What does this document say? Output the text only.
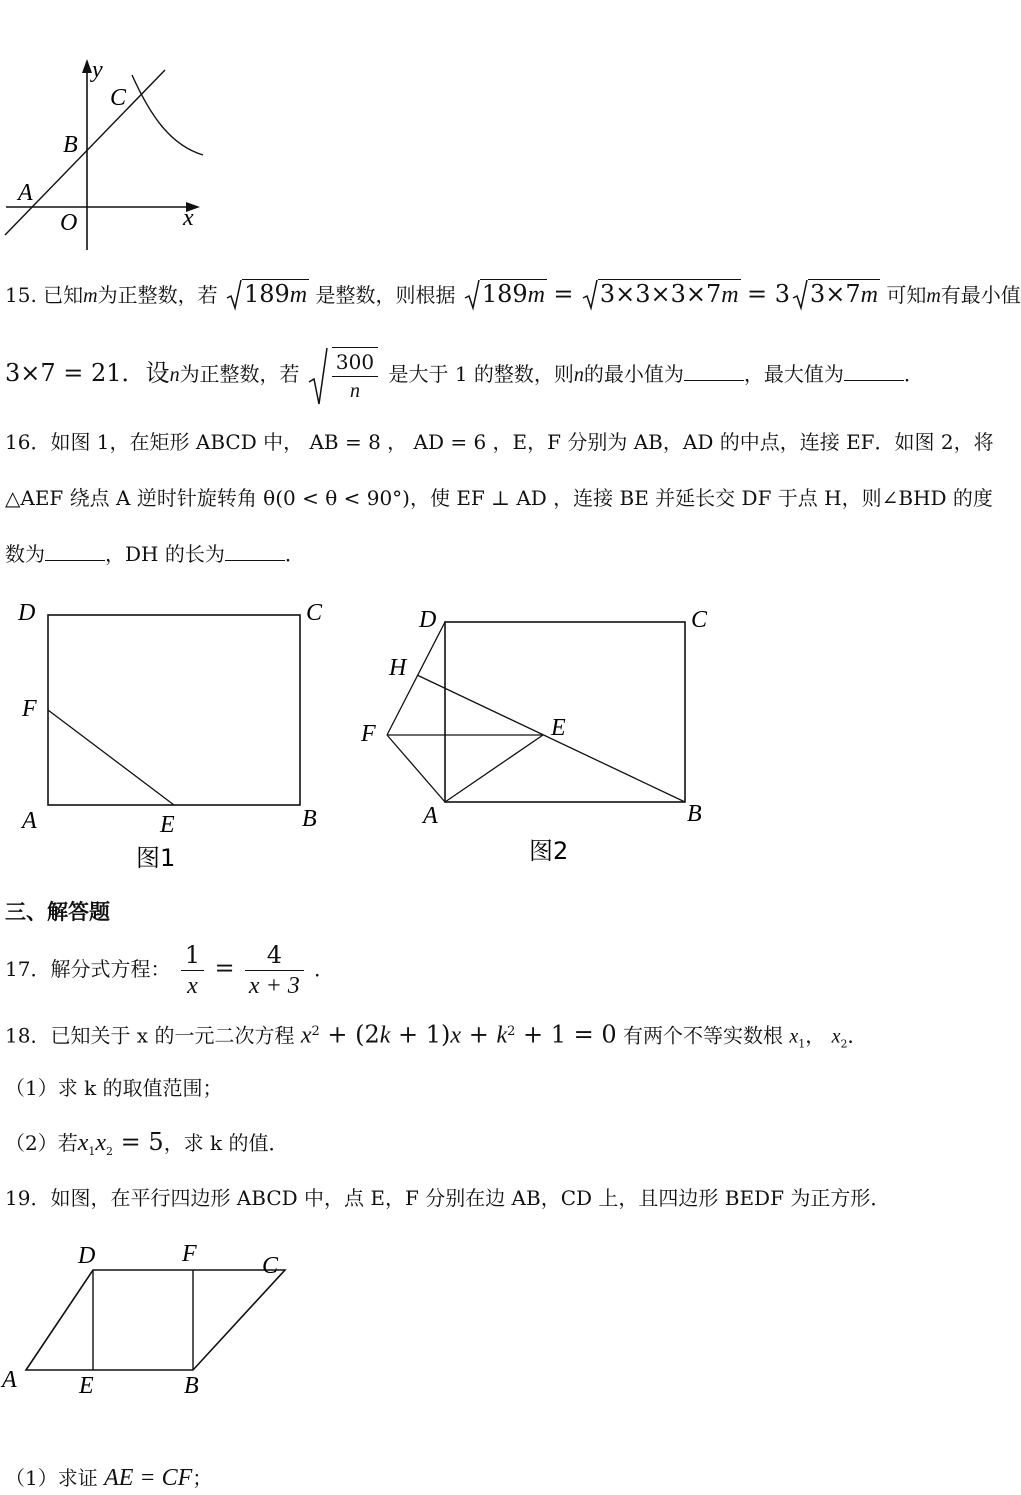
y
C
B
A
O	x
15. 已知m为正整数，若 189m 是整数，则根据 189m = 3×3×3×7m = 3 3×7m 可知m有最小值
3×7 = 21．设n为正整数，若 $\frac{300}{n}$ 是大于 1 的整数，则n的最小值为	，最大值为	．
16．如图 1，在矩形 ABCD 中， AB = 8 ， AD = 6 ，E，F 分别为 AB，AD 的中点，连接 EF．如图 2，将
△AEF 绕点 A 逆时针旋转角 θ(0 < θ < 90°)，使 EF ⊥ AD ，连接 BE 并延长交 DF 于点 H，则∠BHD 的度
数为	，DH 的长为	．
D	C
F
A	E	B
图1
D	C
H
F	E
A	B
图2
三、解答题
17．解分式方程： $\frac{1}{x} = \frac{4}{x + 3}$ ．
18．已知关于 x 的一元二次方程 $x^2 + (2k + 1)x + k^2 + 1 = 0$ 有两个不等实数根 $x_1$， $x_2$．
（1）求 k 的取值范围；
（2）若$x_1x_2 = 5$，求 k 的值．
19．如图，在平行四边形 ABCD 中，点 E，F 分别在边 AB，CD 上，且四边形 BEDF 为正方形．
D	F	C
A	E	B
（1）求证 AE = CF；
